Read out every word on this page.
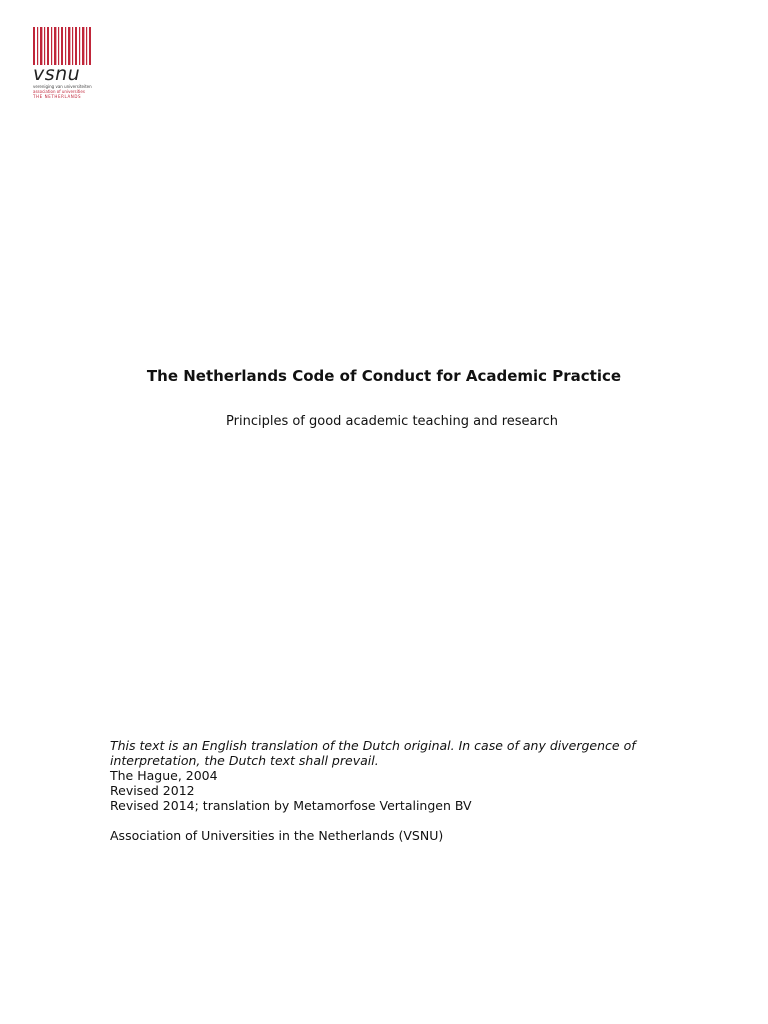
vsnu
vereniging van universiteiten
association of universities
THE NETHERLANDS
The Netherlands Code of Conduct for Academic Practice
Principles of good academic teaching and research

This text is an English translation of the Dutch original. In case of any divergence of interpretation, the Dutch text shall prevail.

The Hague, 2004

Revised 2012

Revised 2014; translation by Metamorfose Vertalingen BV

Association of Universities in the Netherlands (VSNU)
